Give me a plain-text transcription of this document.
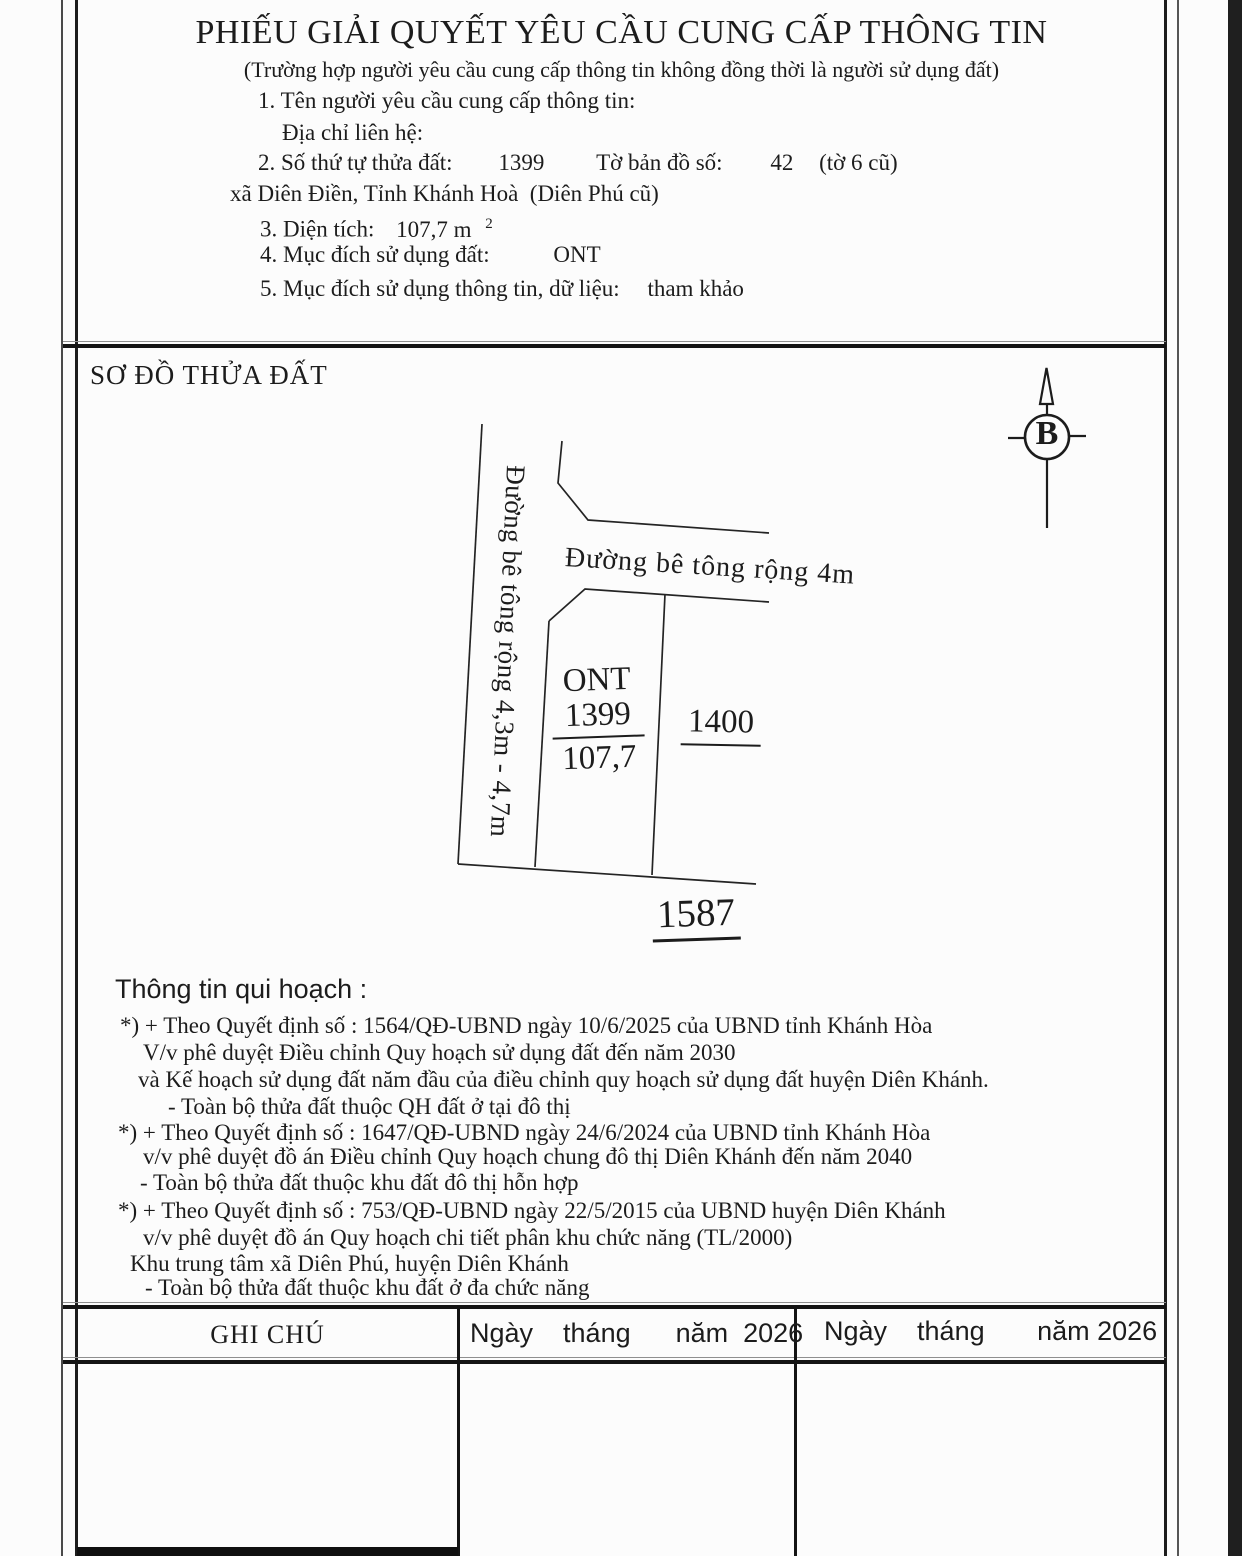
PHIẾU GIẢI QUYẾT YÊU CẦU CUNG CẤP THÔNG TIN
(Trường hợp người yêu cầu cung cấp thông tin không đồng thời là người sử dụng đất)
1. Tên người yêu cầu cung cấp thông tin:
Địa chỉ liên hệ:
2. Số thứ tự thửa đất: 1399 Tờ bản đồ số: 42 (tờ 6 cũ)
xã Diên Điền, Tỉnh Khánh Hoà  (Diên Phú cũ)
3. Diện tích: 107,7 m $^2$
4. Mục đích sử dụng đất:	ONT
5. Mục đích sử dụng thông tin, dữ liệu: tham khảo
SƠ ĐỒ THỬA ĐẤT
B
Đường bê tông rộng 4,3m - 4,7m Đường bê tông rộng 4m
ONT
1399
107,7
1400
1587
Thông tin qui hoạch :
*) + Theo Quyết định số : 1564/QĐ-UBND ngày 10/6/2025 của UBND tỉnh Khánh Hòa
V/v phê duyệt Điều chỉnh Quy hoạch sử dụng đất đến năm 2030
và Kế hoạch sử dụng đất năm đầu của điều chỉnh quy hoạch sử dụng đất huyện Diên Khánh.
- Toàn bộ thửa đất thuộc QH đất ở tại đô thị
*) + Theo Quyết định số : 1647/QĐ-UBND ngày 24/6/2024 của UBND tỉnh Khánh Hòa
v/v phê duyệt đồ án Điều chỉnh Quy hoạch chung đô thị Diên Khánh đến năm 2040
- Toàn bộ thửa đất thuộc khu đất đô thị hỗn hợp
*) + Theo Quyết định số : 753/QĐ-UBND ngày 22/5/2015 của UBND huyện Diên Khánh
v/v phê duyệt đồ án Quy hoạch chi tiết phân khu chức năng (TL/2000)
Khu trung tâm xã Diên Phú, huyện Diên Khánh
- Toàn bộ thửa đất thuộc khu đất ở đa chức năng
GHI CHÚ	Ngày    tháng      năm  2026 Ngày    tháng       năm 2026
